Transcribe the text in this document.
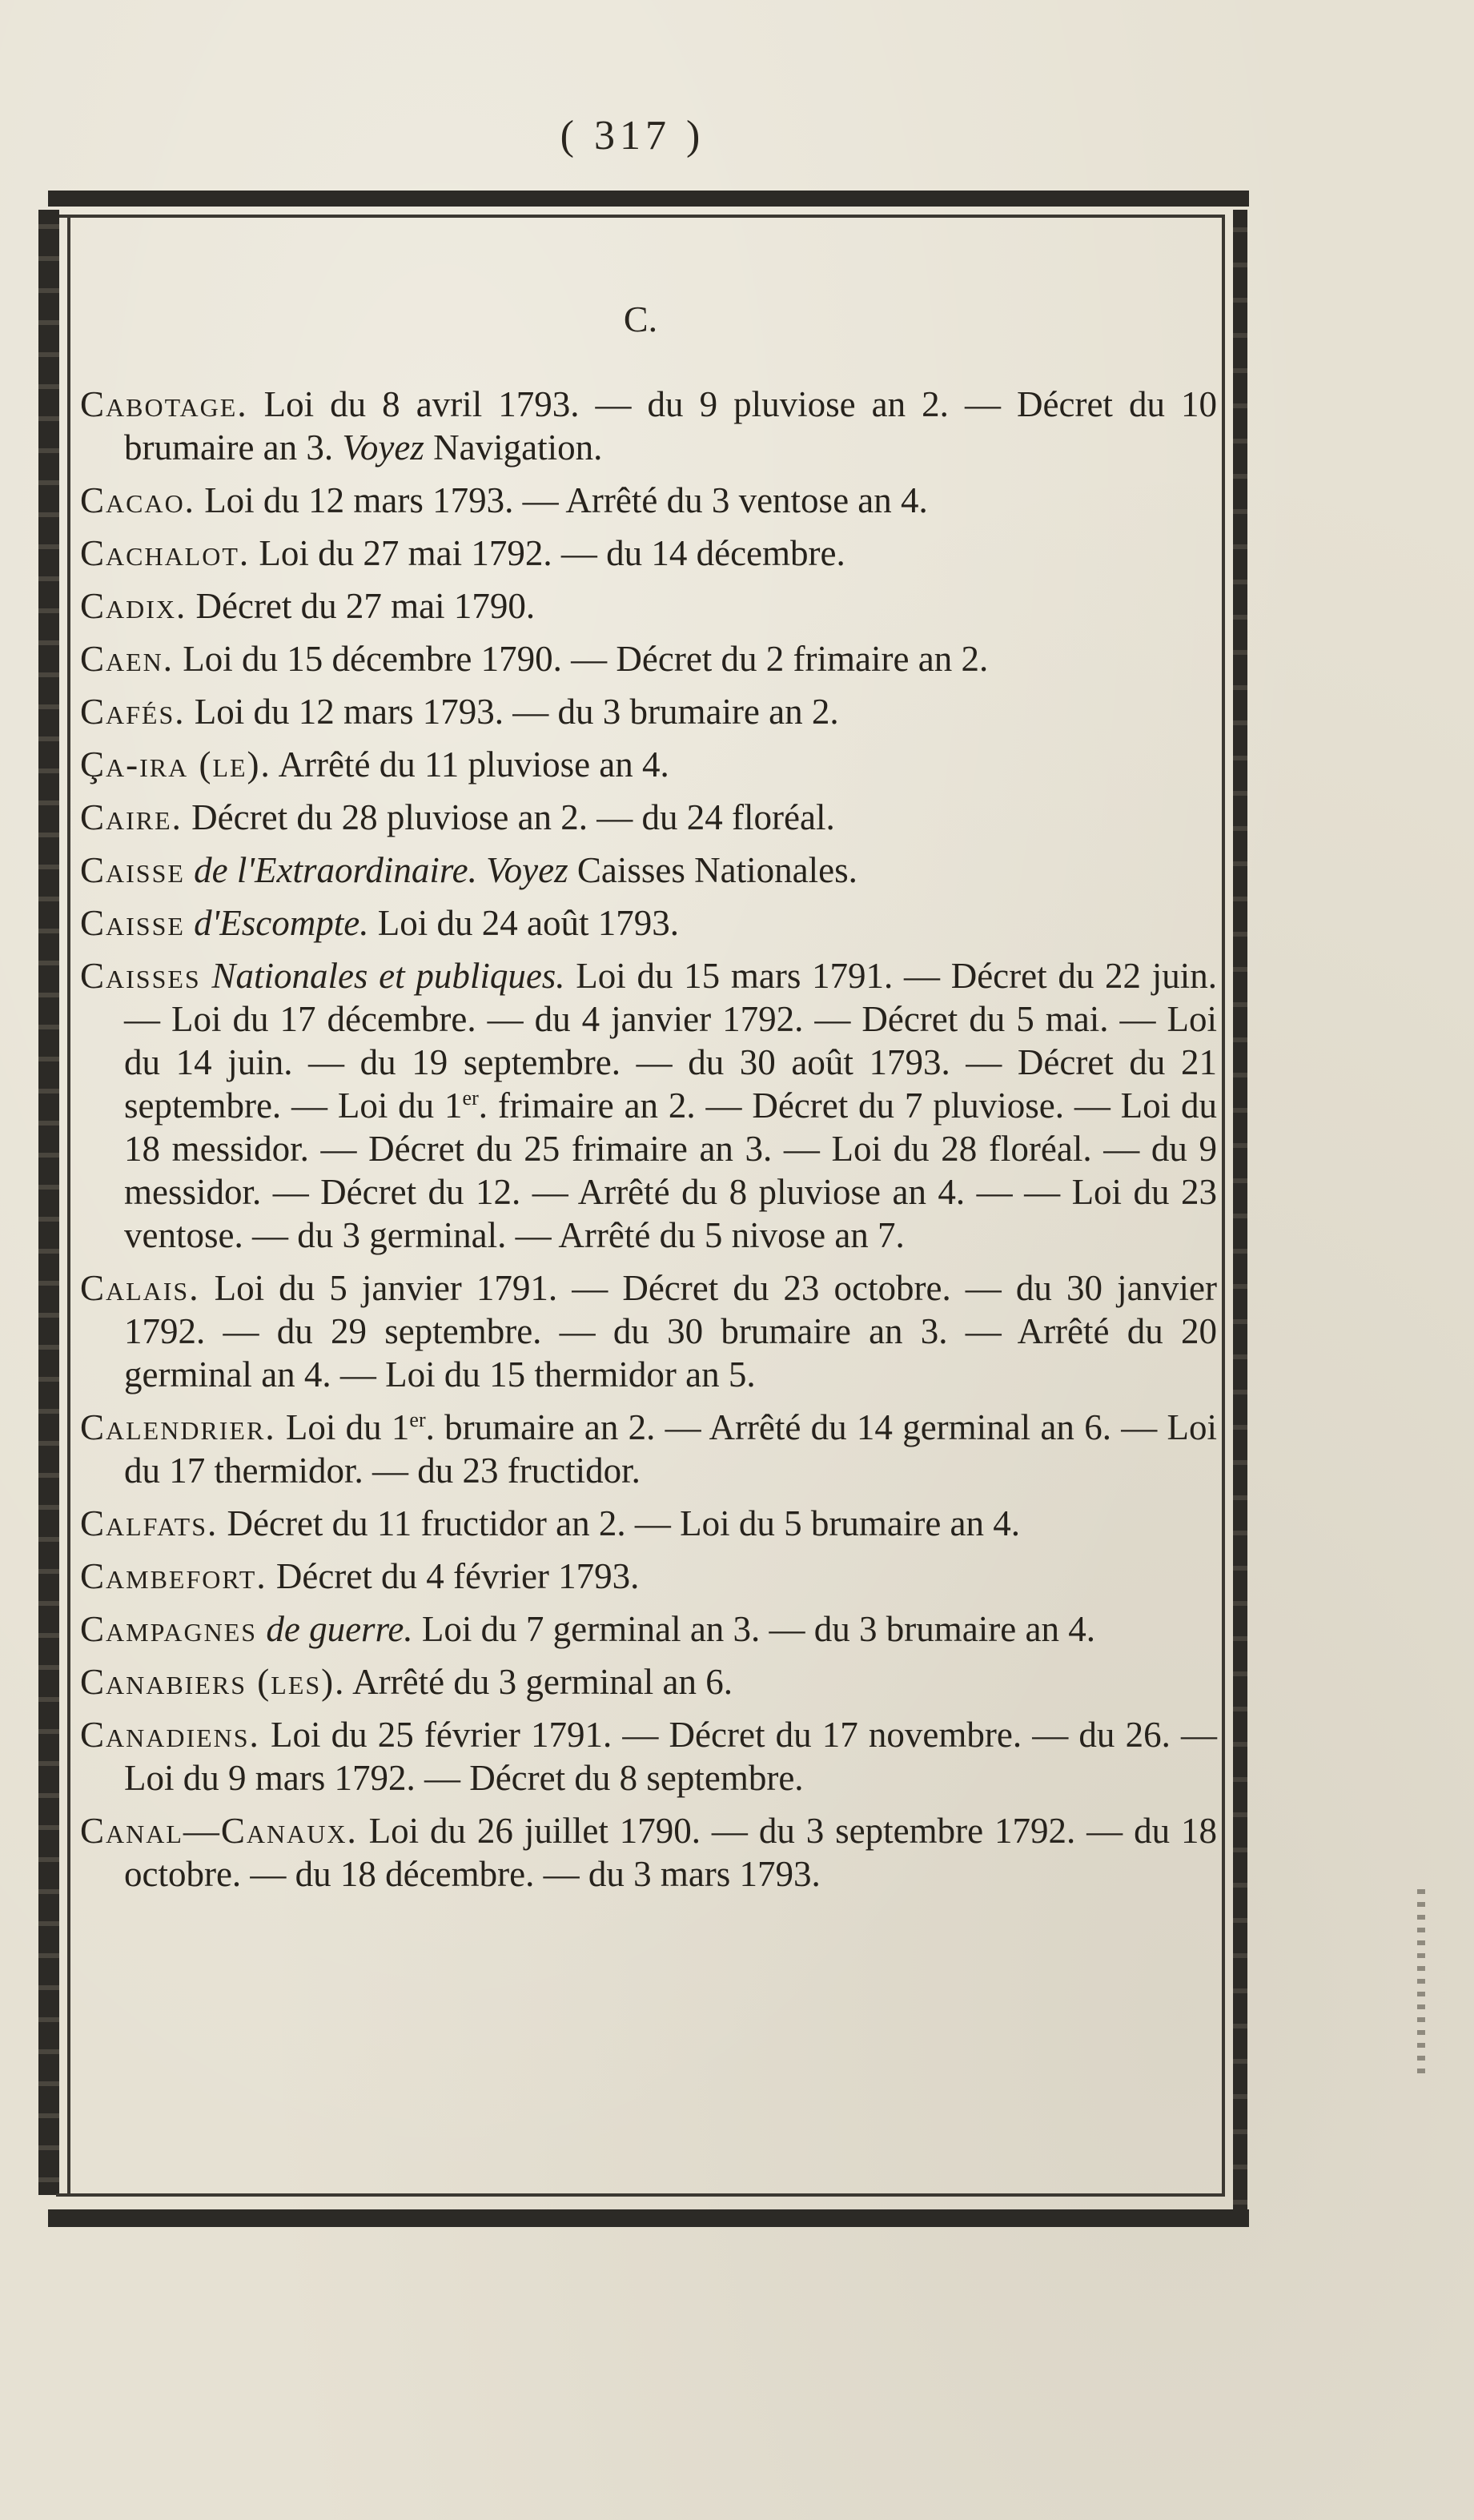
( 317 )
C.
Cabotage. Loi du 8 avril 1793. — du 9 pluviose an 2. — Décret du 10 brumaire an 3. Voyez Navigation.
Cacao. Loi du 12 mars 1793. — Arrêté du 3 ventose an 4.
Cachalot. Loi du 27 mai 1792. — du 14 décembre.
Cadix. Décret du 27 mai 1790.
Caen. Loi du 15 décembre 1790. — Décret du 2 frimaire an 2.
Cafés. Loi du 12 mars 1793. — du 3 brumaire an 2.
Ça-ira (le). Arrêté du 11 pluviose an 4.
Caire. Décret du 28 pluviose an 2. — du 24 floréal.
Caisse de l'Extraordinaire. Voyez Caisses Nationales.
Caisse d'Escompte. Loi du 24 août 1793.
Caisses Nationales et publiques. Loi du 15 mars 1791. — Décret du 22 juin. — Loi du 17 décembre. — du 4 janvier 1792. — Décret du 5 mai. — Loi du 14 juin. — du 19 septembre. — du 30 août 1793. — Décret du 21 septembre. — Loi du 1er. frimaire an 2. — Décret du 7 pluviose. — Loi du 18 messidor. — Décret du 25 frimaire an 3. — Loi du 28 floréal. — du 9 messidor. — Décret du 12. — Arrêté du 8 pluviose an 4. — — Loi du 23 ventose. — du 3 germinal. — Arrêté du 5 nivose an 7.
Calais. Loi du 5 janvier 1791. — Décret du 23 octobre. — du 30 janvier 1792. — du 29 septembre. — du 30 brumaire an 3. — Arrêté du 20 germinal an 4. — Loi du 15 thermidor an 5.
Calendrier. Loi du 1er. brumaire an 2. — Arrêté du 14 germinal an 6. — Loi du 17 thermidor. — du 23 fructidor.
Calfats. Décret du 11 fructidor an 2. — Loi du 5 brumaire an 4.
Cambefort. Décret du 4 février 1793.
Campagnes de guerre. Loi du 7 germinal an 3. — du 3 brumaire an 4.
Canabiers (les). Arrêté du 3 germinal an 6.
Canadiens. Loi du 25 février 1791. — Décret du 17 novembre. — du 26. — Loi du 9 mars 1792. — Décret du 8 septembre.
Canal—Canaux. Loi du 26 juillet 1790. — du 3 septembre 1792. — du 18 octobre. — du 18 décembre. — du 3 mars 1793.
